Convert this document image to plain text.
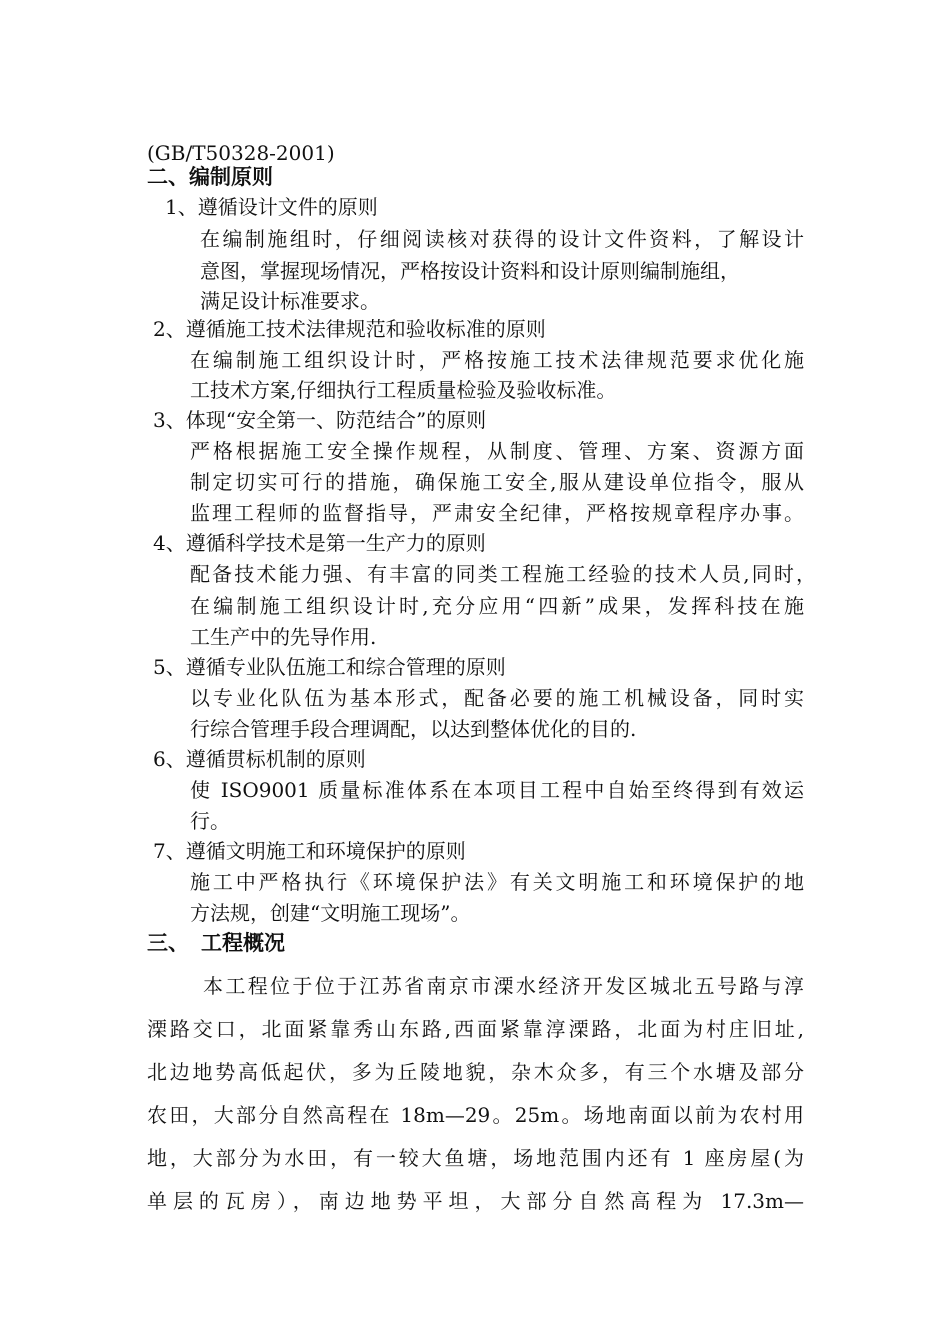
(GB/T50328-2001)
二、编制原则
1、遵循设计文件的原则
在编制施组时，仔细阅读核对获得的设计文件资料，了解设计
意图，掌握现场情况，严格按设计资料和设计原则编制施组，
满足设计标准要求。
2、遵循施工技术法律规范和验收标准的原则
在编制施工组织设计时，严格按施工技术法律规范要求优化施
工技术方案,仔细执行工程质量检验及验收标准。
3、体现“安全第一、防范结合”的原则
严格根据施工安全操作规程，从制度、管理、方案、资源方面
制定切实可行的措施，确保施工安全,服从建设单位指令，服从
监理工程师的监督指导，严肃安全纪律，严格按规章程序办事。
4、遵循科学技术是第一生产力的原则
配备技术能力强、有丰富的同类工程施工经验的技术人员,同时，
在编制施工组织设计时,充分应用“四新”成果，发挥科技在施
工生产中的先导作用.
5、遵循专业队伍施工和综合管理的原则
以专业化队伍为基本形式，配备必要的施工机械设备，同时实
行综合管理手段合理调配，以达到整体优化的目的.
6、遵循贯标机制的原则
使 ISO9001 质量标准体系在本项目工程中自始至终得到有效运
行。
7、遵循文明施工和环境保护的原则
施工中严格执行《环境保护法》有关文明施工和环境保护的地
方法规，创建“文明施工现场”。
三、 工程概况
本工程位于位于江苏省南京市溧水经济开发区城北五号路与淳
溧路交口，北面紧靠秀山东路,西面紧靠淳溧路，北面为村庄旧址,
北边地势高低起伏，多为丘陵地貌，杂木众多，有三个水塘及部分
农田，大部分自然高程在 18m—29。25m。场地南面以前为农村用
地，大部分为水田，有一较大鱼塘，场地范围内还有 1 座房屋(为
单层的瓦房），南边地势平坦，大部分自然高程为 17.3m—
